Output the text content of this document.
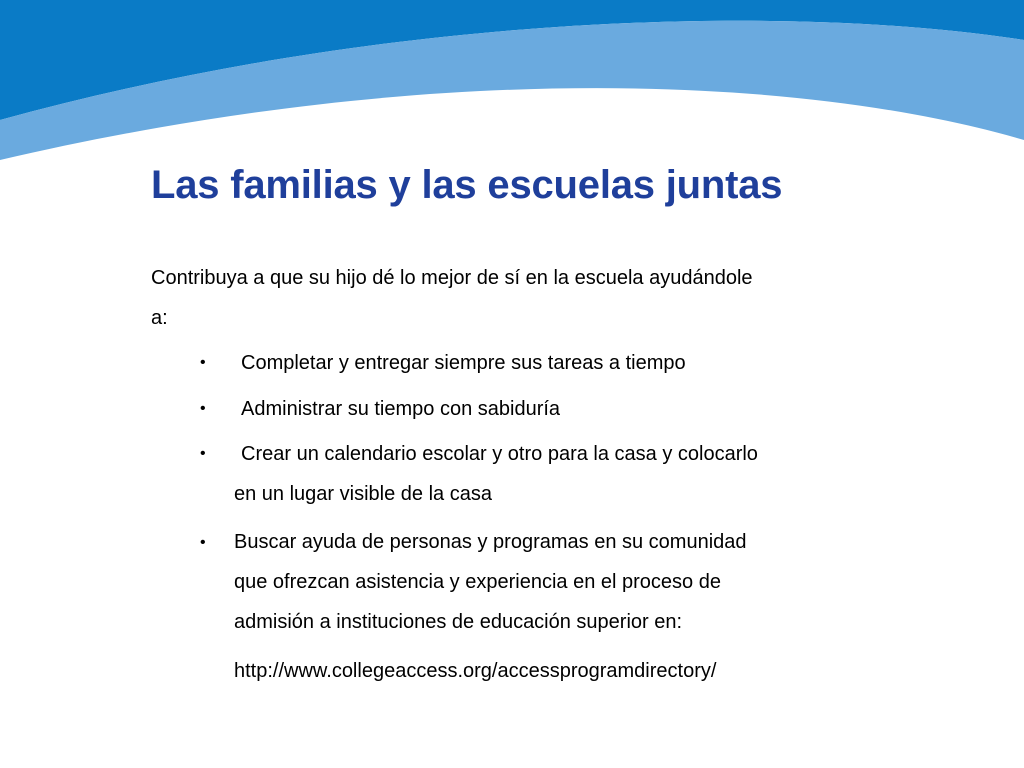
Las familias y las escuelas juntas

Contribuya a que su hijo dé lo mejor de sí en la escuela ayudándole
a:

•	Completar y entregar siempre sus tareas a tiempo

•	Administrar su tiempo con sabiduría

•	Crear un calendario escolar y otro para la casa y colocarlo
en un lugar visible de la casa

•	Buscar ayuda de personas y programas en su comunidad
que ofrezcan asistencia y experiencia en el proceso de
admisión a instituciones de educación superior en:

http://www.collegeaccess.org/accessprogramdirectory/
